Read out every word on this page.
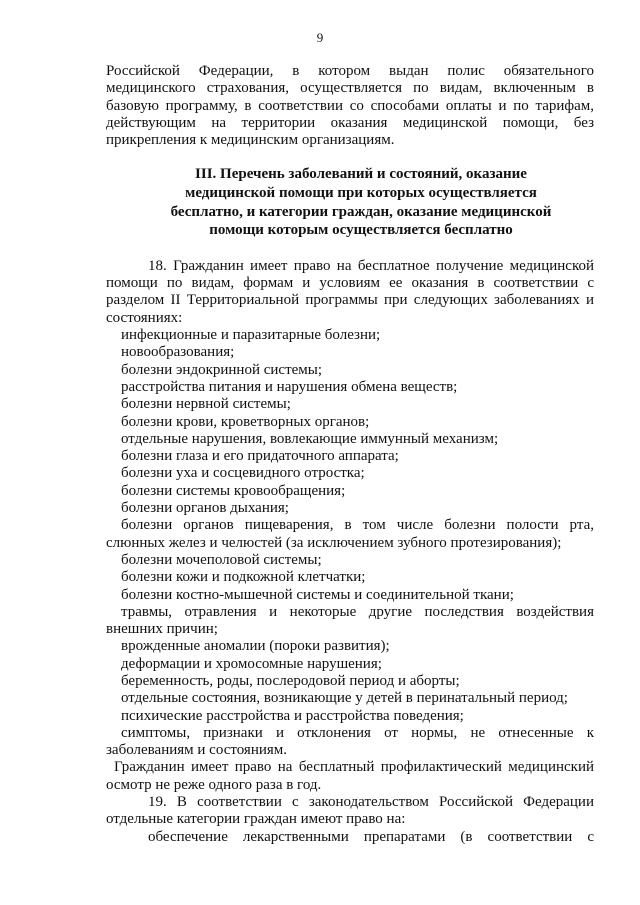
9

Российской Федерации, в котором выдан полис обязательного медицинского страхования, осуществляется по видам, включенным в базовую программу, в соответствии со способами оплаты и по тарифам, действующим на территории оказания медицинской помощи, без прикрепления к медицинским организациям.

III. Перечень заболеваний и состояний, оказание медицинской помощи при которых осуществляется бесплатно, и категории граждан, оказание медицинской помощи которым осуществляется бесплатно

18. Гражданин имеет право на бесплатное получение медицинской помощи по видам, формам и условиям ее оказания в соответствии с разделом II Территориальной программы при следующих заболеваниях и состояниях:

инфекционные и паразитарные болезни;
новообразования;
болезни эндокринной системы;
расстройства питания и нарушения обмена веществ;
болезни нервной системы;
болезни крови, кроветворных органов;
отдельные нарушения, вовлекающие иммунный механизм;
болезни глаза и его придаточного аппарата;
болезни уха и сосцевидного отростка;
болезни системы кровообращения;
болезни органов дыхания;
болезни органов пищеварения, в том числе болезни полости рта, слюнных желез и челюстей (за исключением зубного протезирования);
болезни мочеполовой системы;
болезни кожи и подкожной клетчатки;
болезни костно-мышечной системы и соединительной ткани;
травмы, отравления и некоторые другие последствия воздействия внешних причин;
врожденные аномалии (пороки развития);
деформации и хромосомные нарушения;
беременность, роды, послеродовой период и аборты;
отдельные состояния, возникающие у детей в перинатальный период;
психические расстройства и расстройства поведения;
симптомы, признаки и отклонения от нормы, не отнесенные к заболеваниям и состояниям.

Гражданин имеет право на бесплатный профилактический медицинский осмотр не реже одного раза в год.

19. В соответствии с законодательством Российской Федерации отдельные категории граждан имеют право на:

обеспечение лекарственными препаратами (в соответствии с
